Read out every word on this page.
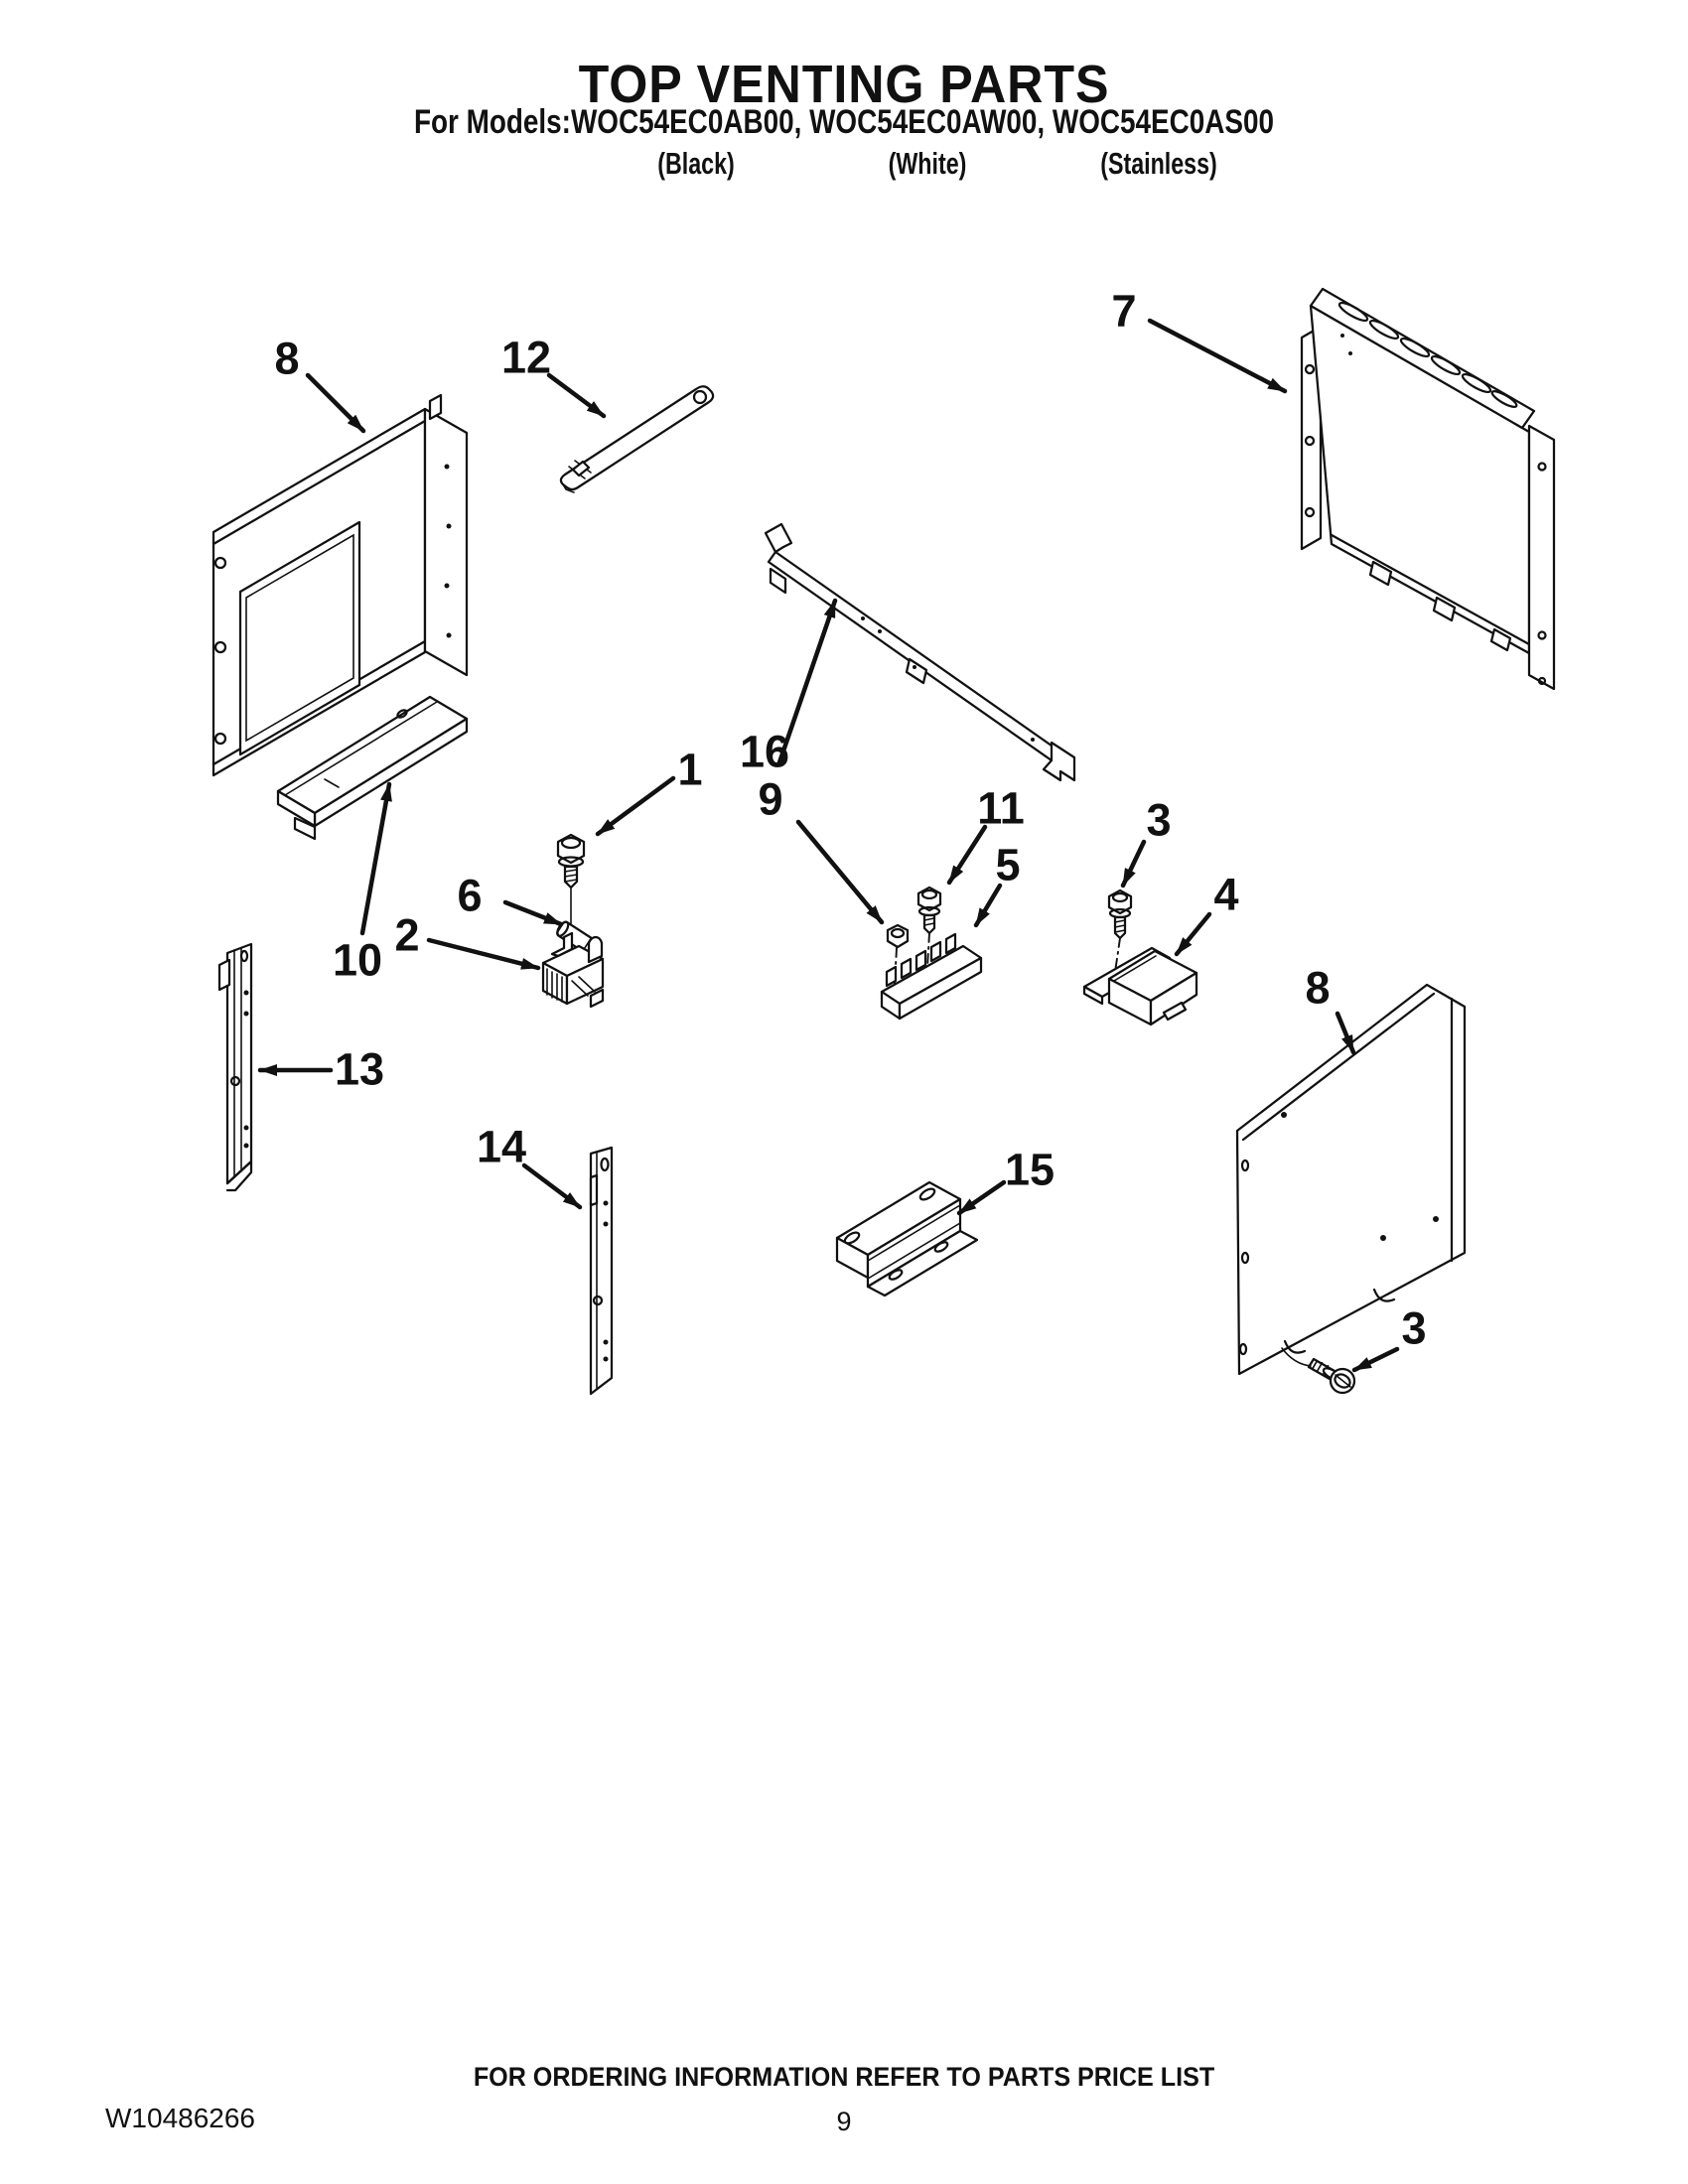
TOP VENTING PARTS
For Models:WOC54EC0AB00, WOC54EC0AW00, WOC54EC0AS00
(Black)	(White)	(Stainless)
8	12
7
1 16
9	11
5
3
4
6
2
10
13
8
14	15
3
FOR ORDERING INFORMATION REFER TO PARTS PRICE LIST
W10486266	9
